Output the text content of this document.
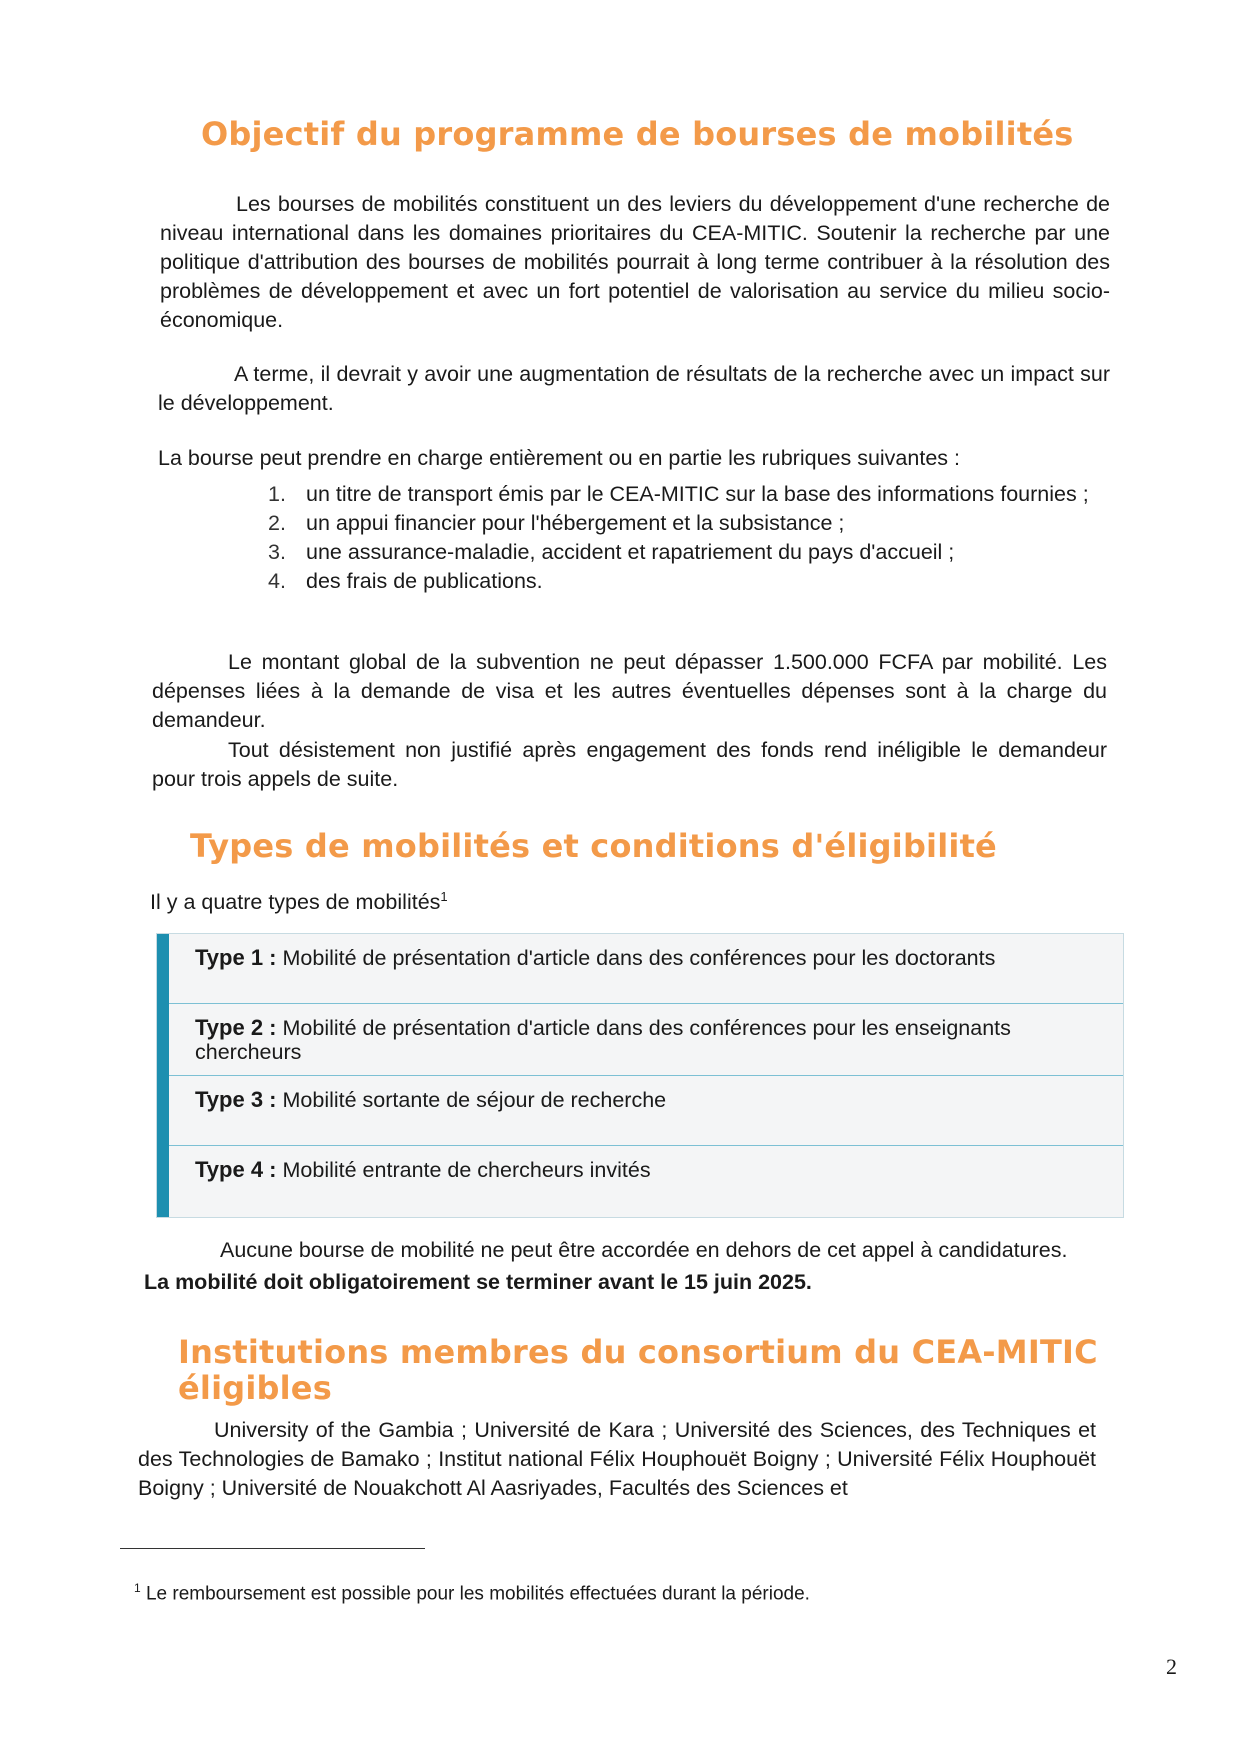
Objectif du programme de bourses de mobilités

Les bourses de mobilités constituent un des leviers du développement d'une recherche de niveau international dans les domaines prioritaires du CEA-MITIC. Soutenir la recherche par une politique d'attribution des bourses de mobilités pourrait à long terme contribuer à la résolution des problèmes de développement et avec un fort potentiel de valorisation au service du milieu socio- économique.

A terme, il devrait y avoir une augmentation de résultats de la recherche avec un impact sur le développement.

La bourse peut prendre en charge entièrement ou en partie les rubriques suivantes :

1. un titre de transport émis par le CEA-MITIC sur la base des informations fournies ;
2. un appui financier pour l'hébergement et la subsistance ;
3. une assurance-maladie, accident et rapatriement du pays d'accueil ;
4. des frais de publications.

Le montant global de la subvention ne peut dépasser 1.500.000 FCFA par mobilité. Les dépenses liées à la demande de visa et les autres éventuelles dépenses sont à la charge du demandeur.

Tout désistement non justifié après engagement des fonds rend inéligible le demandeur pour trois appels de suite.

Types de mobilités et conditions d'éligibilité

Il y a quatre types de mobilités$^1$

Type 1 : Mobilité de présentation d'article dans des conférences pour les doctorants
Type 2 : Mobilité de présentation d'article dans des conférences pour les enseignants chercheurs
Type 3 : Mobilité sortante de séjour de recherche
Type 4 : Mobilité entrante de chercheurs invités

Aucune bourse de mobilité ne peut être accordée en dehors de cet appel à candidatures.

La mobilité doit obligatoirement se terminer avant le 15 juin 2025.

Institutions membres du consortium du CEA-MITIC
éligibles

University of the Gambia ; Université de Kara ; Université des Sciences, des Techniques et des Technologies de Bamako ; Institut national Félix Houphouët Boigny ; Université Félix Houphouët Boigny ; Université de Nouakchott Al Aasriyades, Facultés des Sciences et

$^1$ Le remboursement est possible pour les mobilités effectuées durant la période.
2
